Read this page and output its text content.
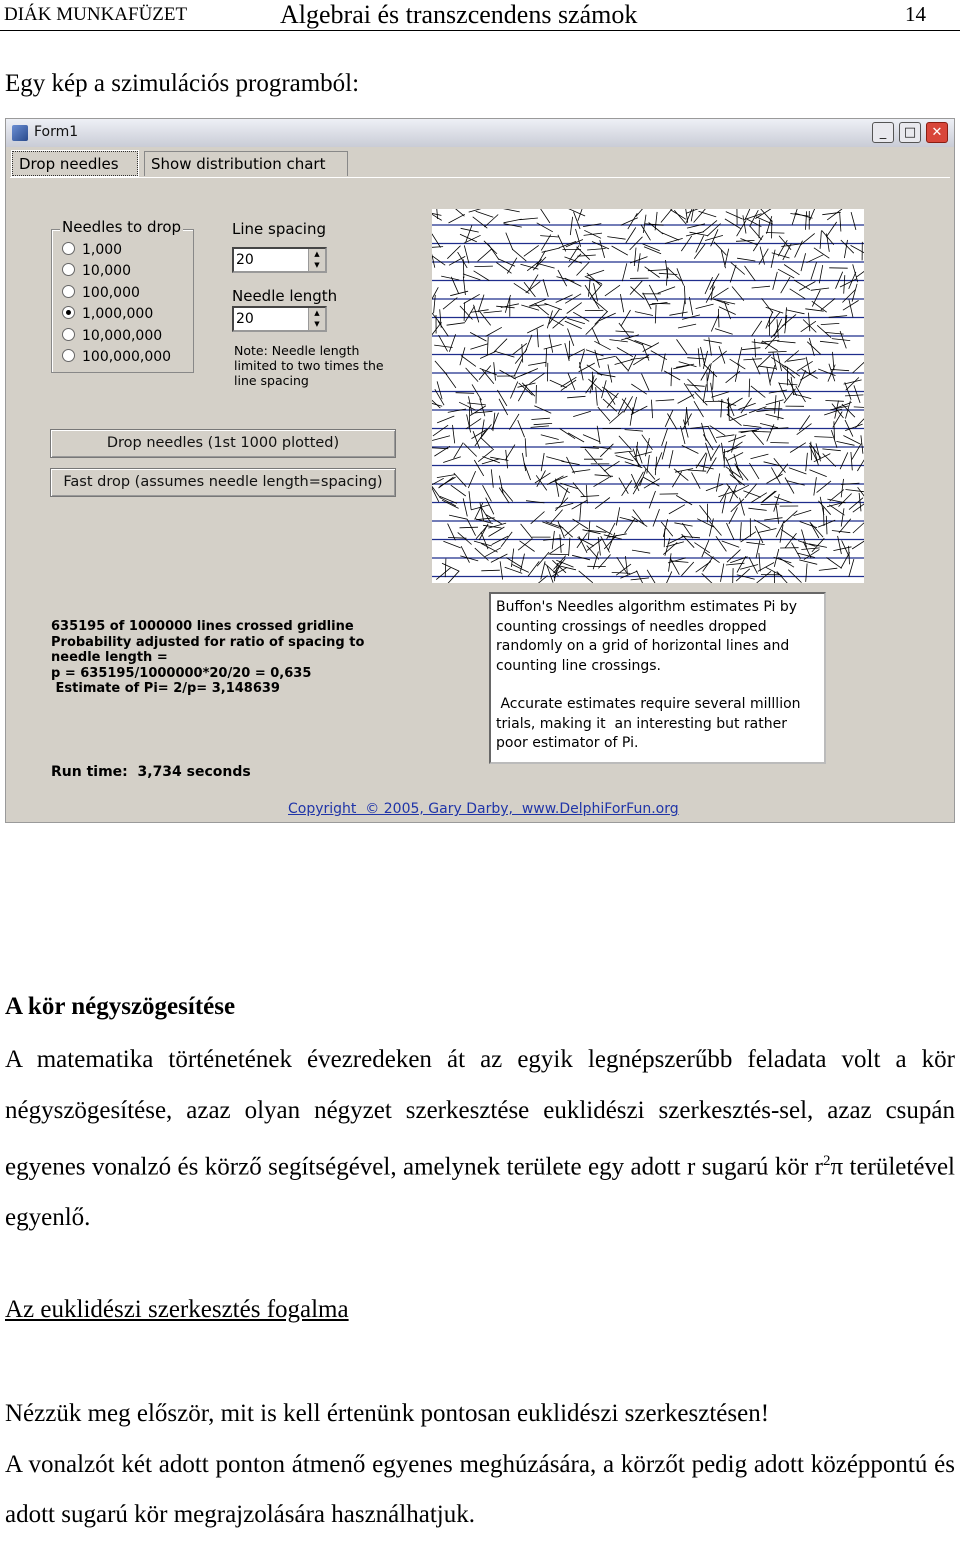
DIÁK MUNKAFÜZET	Algebrai és transzcendens számok	14
Egy kép a szimulációs programból:
Form1	_	□	✕
Drop needles	Show distribution chart
Needles to drop
1,000
10,000
100,000
1,000,000
10,000,000
100,000,000
Line spacing
20
▲
▼
Needle length
20
▲
▼
Note: Needle length limited to two times the line spacing
Drop needles (1st 1000 plotted)
Fast drop (assumes needle length=spacing)
635195 of 1000000 lines crossed gridline
Probability adjusted for ratio of spacing to
needle length =
p = 635195/1000000*20/20 = 0,635
Estimate of Pi= 2/p= 3,148639
Run time:  3,734 seconds

Buffon's Needles algorithm estimates Pi by counting crossings of needles dropped randomly on a grid of horizontal lines and counting line crossings.

Accurate estimates require several milllion trials, making it  an interesting but rather poor estimator of Pi.

Copyright  © 2005, Gary Darby,  www.DelphiForFun.org
A kör négyszögesítése
A matematika történetének évezredeken át az egyik legnépszerűbb feladata volt a kör négyszögesítése, azaz olyan négyzet szerkesztése euklidészi szerkesztés-sel, azaz csupán egyenes vonalzó és körző segítségével, amelynek területe egy adott r sugarú kör $r^2\pi$ területével egyenlő.
Az euklidészi szerkesztés fogalma
Nézzük meg először, mit is kell értenünk pontosan euklidészi szerkesztésen!
A vonalzót két adott ponton átmenő egyenes meghúzására, a körzőt pedig adott középpontú és adott sugarú kör megrajzolására használhatjuk.
